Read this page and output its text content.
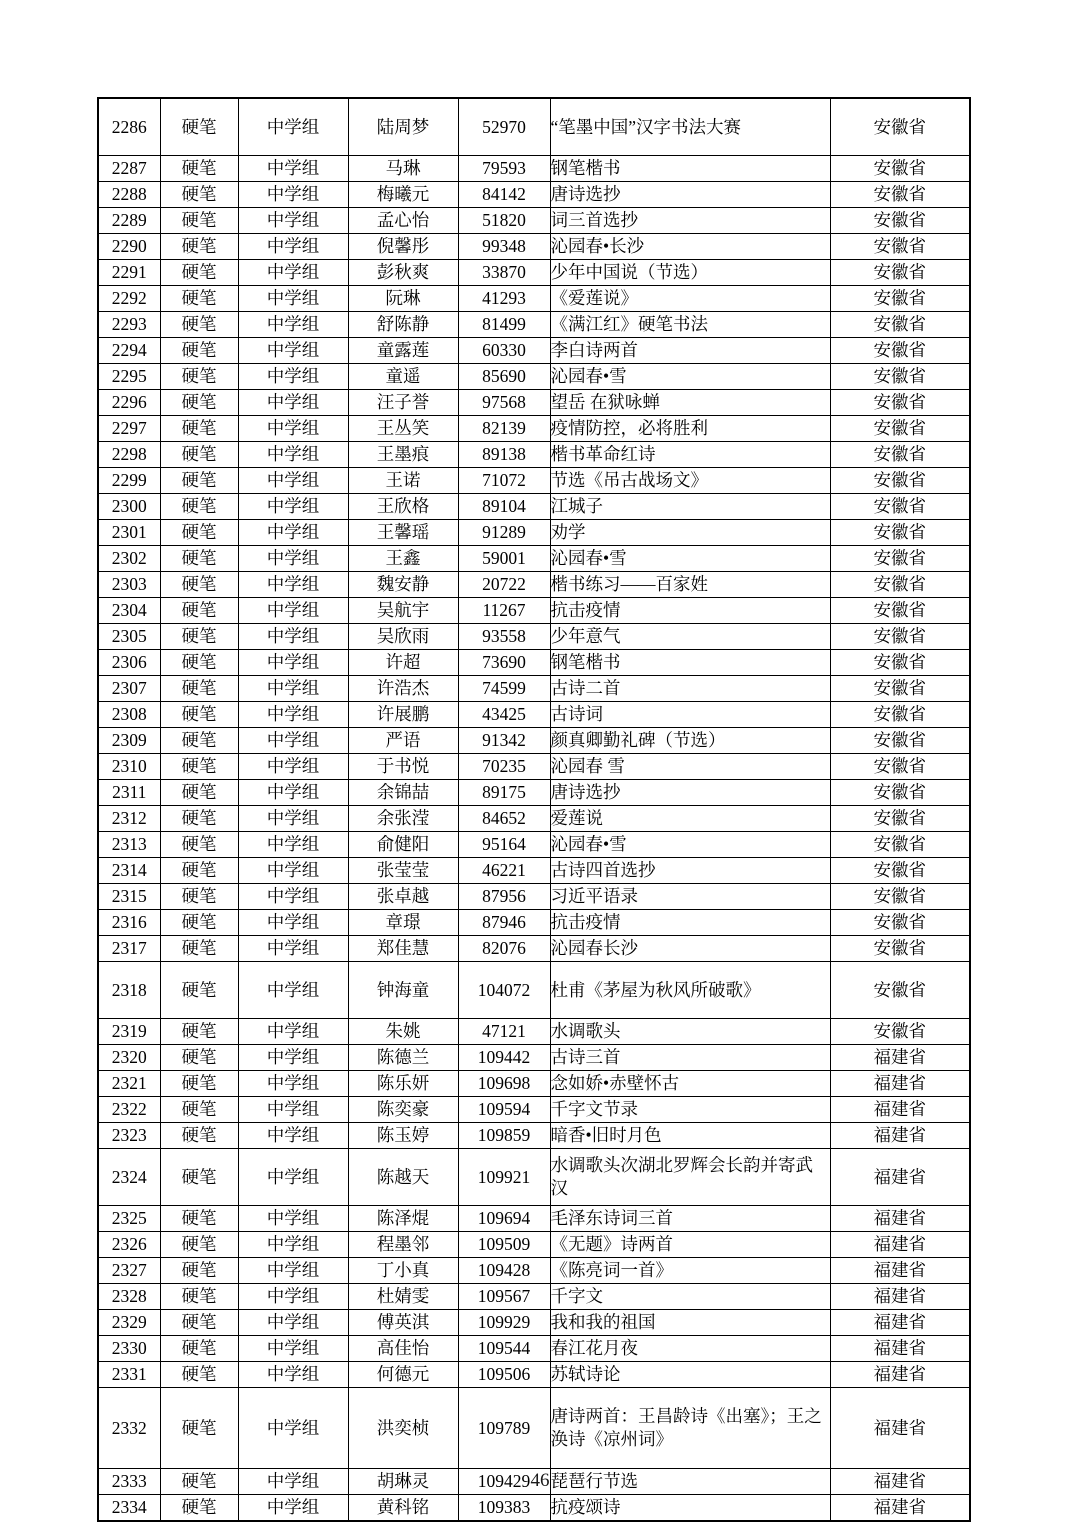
2286	硬笔	中学组	陆周梦	52970	“笔墨中国”汉字书法大赛	安徽省
2287	硬笔	中学组	马琳	79593	钢笔楷书	安徽省
2288	硬笔	中学组	梅曦元	84142	唐诗选抄	安徽省
2289	硬笔	中学组	孟心怡	51820	词三首选抄	安徽省
2290	硬笔	中学组	倪馨彤	99348	沁园春•长沙	安徽省
2291	硬笔	中学组	彭秋爽	33870	少年中国说（节选）	安徽省
2292	硬笔	中学组	阮琳	41293	《爱莲说》	安徽省
2293	硬笔	中学组	舒陈静	81499	《满江红》硬笔书法	安徽省
2294	硬笔	中学组	童露莲	60330	李白诗两首	安徽省
2295	硬笔	中学组	童遥	85690	沁园春•雪	安徽省
2296	硬笔	中学组	汪子誉	97568	望岳 在狱咏蝉	安徽省
2297	硬笔	中学组	王丛笑	82139	疫情防控，必将胜利	安徽省
2298	硬笔	中学组	王墨痕	89138	楷书革命红诗	安徽省
2299	硬笔	中学组	王诺	71072	节选《吊古战场文》	安徽省
2300	硬笔	中学组	王欣格	89104	江城子	安徽省
2301	硬笔	中学组	王馨瑶	91289	劝学	安徽省
2302	硬笔	中学组	王鑫	59001	沁园春•雪	安徽省
2303	硬笔	中学组	魏安静	20722	楷书练习——百家姓	安徽省
2304	硬笔	中学组	吴航宇	11267	抗击疫情	安徽省
2305	硬笔	中学组	吴欣雨	93558	少年意气	安徽省
2306	硬笔	中学组	许超	73690	钢笔楷书	安徽省
2307	硬笔	中学组	许浩杰	74599	古诗二首	安徽省
2308	硬笔	中学组	许展鹏	43425	古诗词	安徽省
2309	硬笔	中学组	严语	91342	颜真卿勤礼碑（节选）	安徽省
2310	硬笔	中学组	于书悦	70235	沁园春 雪	安徽省
2311	硬笔	中学组	余锦喆	89175	唐诗选抄	安徽省
2312	硬笔	中学组	余张滢	84652	爱莲说	安徽省
2313	硬笔	中学组	俞健阳	95164	沁园春•雪	安徽省
2314	硬笔	中学组	张莹莹	46221	古诗四首选抄	安徽省
2315	硬笔	中学组	张卓越	87956	习近平语录	安徽省
2316	硬笔	中学组	章璟	87946	抗击疫情	安徽省
2317	硬笔	中学组	郑佳慧	82076	沁园春长沙	安徽省
2318	硬笔	中学组	钟海童	104072	杜甫《茅屋为秋风所破歌》	安徽省
2319	硬笔	中学组	朱姚	47121	水调歌头	安徽省
2320	硬笔	中学组	陈德兰	109442	古诗三首	福建省
2321	硬笔	中学组	陈乐妍	109698	念如娇•赤壁怀古	福建省
2322	硬笔	中学组	陈奕豪	109594	千字文节录	福建省
2323	硬笔	中学组	陈玉婷	109859	暗香•旧时月色	福建省
2324	硬笔	中学组	陈越天	109921	水调歌头次湖北罗辉会长韵并寄武汉	福建省
2325	硬笔	中学组	陈泽焜	109694	毛泽东诗词三首	福建省
2326	硬笔	中学组	程墨邻	109509	《无题》诗两首	福建省
2327	硬笔	中学组	丁小真	109428	《陈亮词一首》	福建省
2328	硬笔	中学组	杜婧雯	109567	千字文	福建省
2329	硬笔	中学组	傅英淇	109929	我和我的祖国	福建省
2330	硬笔	中学组	高佳怡	109544	春江花月夜	福建省
2331	硬笔	中学组	何德元	109506	苏轼诗论	福建省
2332	硬笔	中学组	洪奕桢	109789	唐诗两首：王昌龄诗《出塞》；王之涣诗《凉州词》	福建省
2333	硬笔	中学组	胡琳灵	109429	琵琶行节选	福建省
2334	硬笔	中学组	黄科铭	109383	抗疫颂诗	福建省
46
